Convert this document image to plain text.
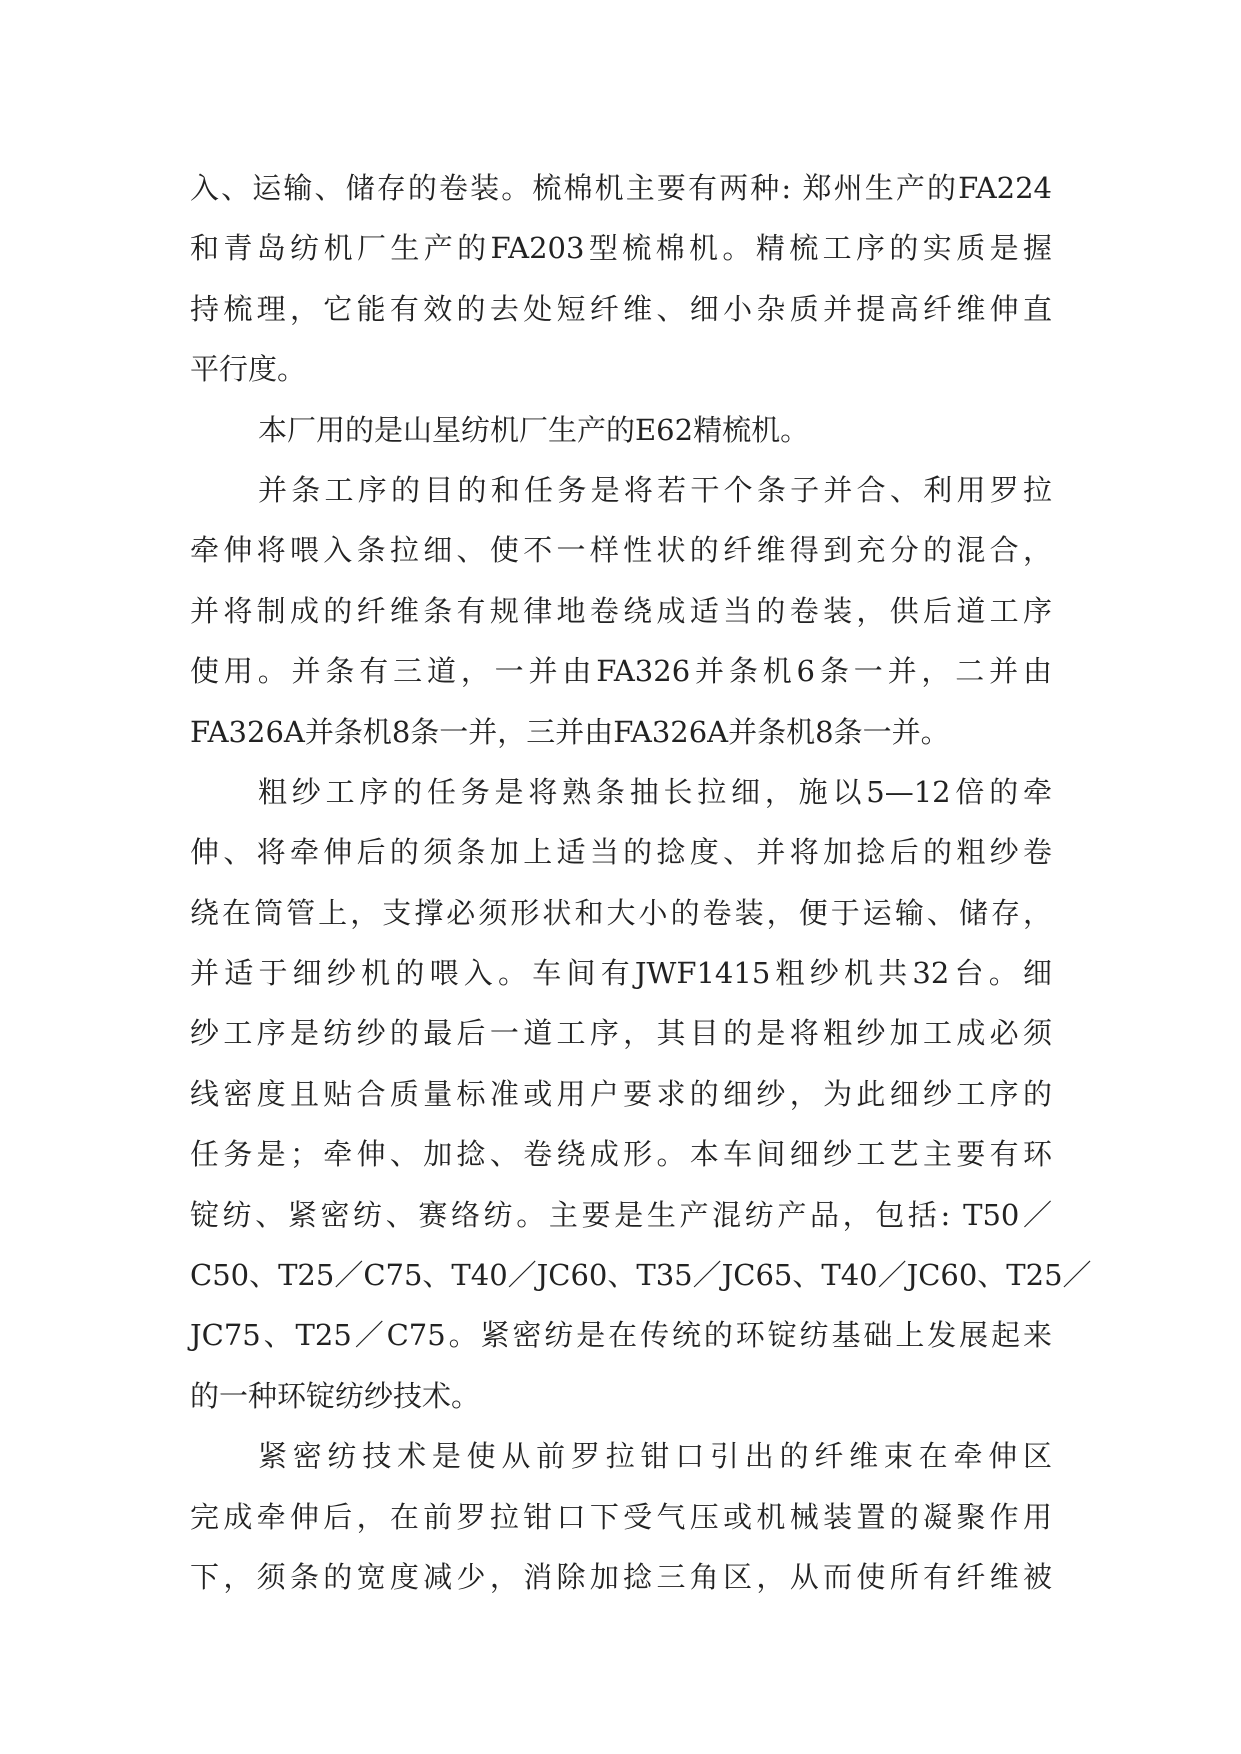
入、运输、储存的卷装。梳棉机主要有两种: 郑州生产的FA224
和青岛纺机厂生产的FA203型梳棉机。精梳工序的实质是握
持梳理，它能有效的去处短纤维、细小杂质并提高纤维伸直
平行度。
本厂用的是山星纺机厂生产的E62精梳机。
并条工序的目的和任务是将若干个条子并合、利用罗拉
牵伸将喂入条拉细、使不一样性状的纤维得到充分的混合，
并将制成的纤维条有规律地卷绕成适当的卷装，供后道工序
使用。并条有三道，一并由FA326并条机6条一并，二并由
FA326A并条机8条一并，三并由FA326A并条机8条一并。
粗纱工序的任务是将熟条抽长拉细，施以5—12倍的牵
伸、将牵伸后的须条加上适当的捻度、并将加捻后的粗纱卷
绕在筒管上，支撑必须形状和大小的卷装，便于运输、储存，
并适于细纱机的喂入。车间有JWF1415粗纱机共32台。细
纱工序是纺纱的最后一道工序，其目的是将粗纱加工成必须
线密度且贴合质量标准或用户要求的细纱，为此细纱工序的
任务是；牵伸、加捻、卷绕成形。本车间细纱工艺主要有环
锭纺、紧密纺、赛络纺。主要是生产混纺产品，包括: T50／
C50、T25／C75、T40／JC60、T35／JC65、T40／JC60、T25／
JC75、T25／C75。紧密纺是在传统的环锭纺基础上发展起来
的一种环锭纺纱技术。
紧密纺技术是使从前罗拉钳口引出的纤维束在牵伸区
完成牵伸后，在前罗拉钳口下受气压或机械装置的凝聚作用
下，须条的宽度减少，消除加捻三角区，从而使所有纤维被
